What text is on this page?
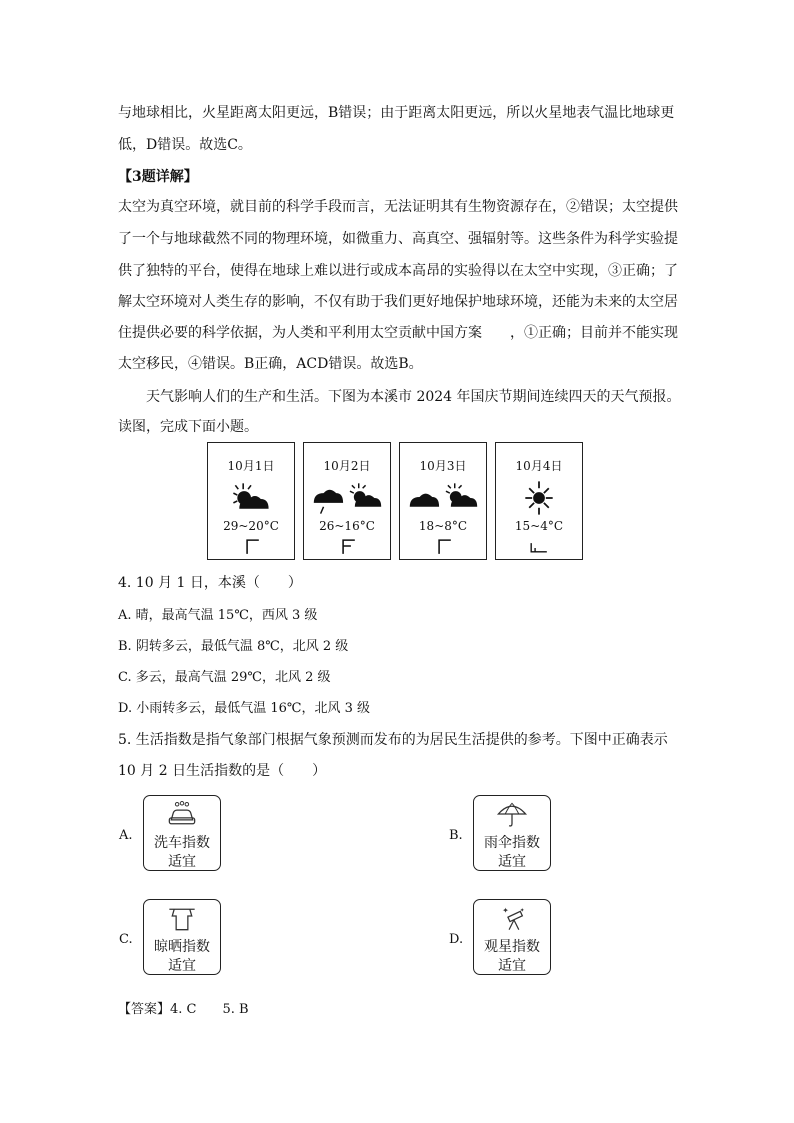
与地球相比，火星距离太阳更远，B错误；由于距离太阳更远，所以火星地表气温比地球更
低，D错误。故选C。
【3题详解】
太空为真空环境，就目前的科学手段而言，无法证明其有生物资源存在，②错误；太空提供
了一个与地球截然不同的物理环境，如微重力、高真空、强辐射等。这些条件为科学实验提
供了独特的平台，使得在地球上难以进行或成本高昂的实验得以在太空中实现，③正确；了
解太空环境对人类生存的影响，不仅有助于我们更好地保护地球环境，还能为未来的太空居
住提供必要的科学依据，为人类和平利用太空贡献中国方案　　，①正确；目前并不能实现
太空移民，④错误。B正确，ACD错误。故选B。
天气影响人们的生产和生活。下图为本溪市 2024 年国庆节期间连续四天的天气预报。
读图，完成下面小题。
10月1日
29~20°C
10月2日
26~16°C
10月3日
18~8°C
10月4日
15~4°C
4. 10 月 1 日，本溪（　　）
A. 晴，最高气温 15℃，西风 3 级
B. 阴转多云，最低气温 8℃，北风 2 级
C. 多云，最高气温 29℃，北风 2 级
D. 小雨转多云，最低气温 16℃，北风 3 级
5. 生活指数是指气象部门根据气象预测而发布的为居民生活提供的参考。下图中正确表示
10 月 2 日生活指数的是（　　）
A.	洗车指数
适宜
B.	雨伞指数
适宜
C.	晾晒指数
适宜
D.
✦ ✦
观星指数
适宜
【答案】4. C　　5. B
